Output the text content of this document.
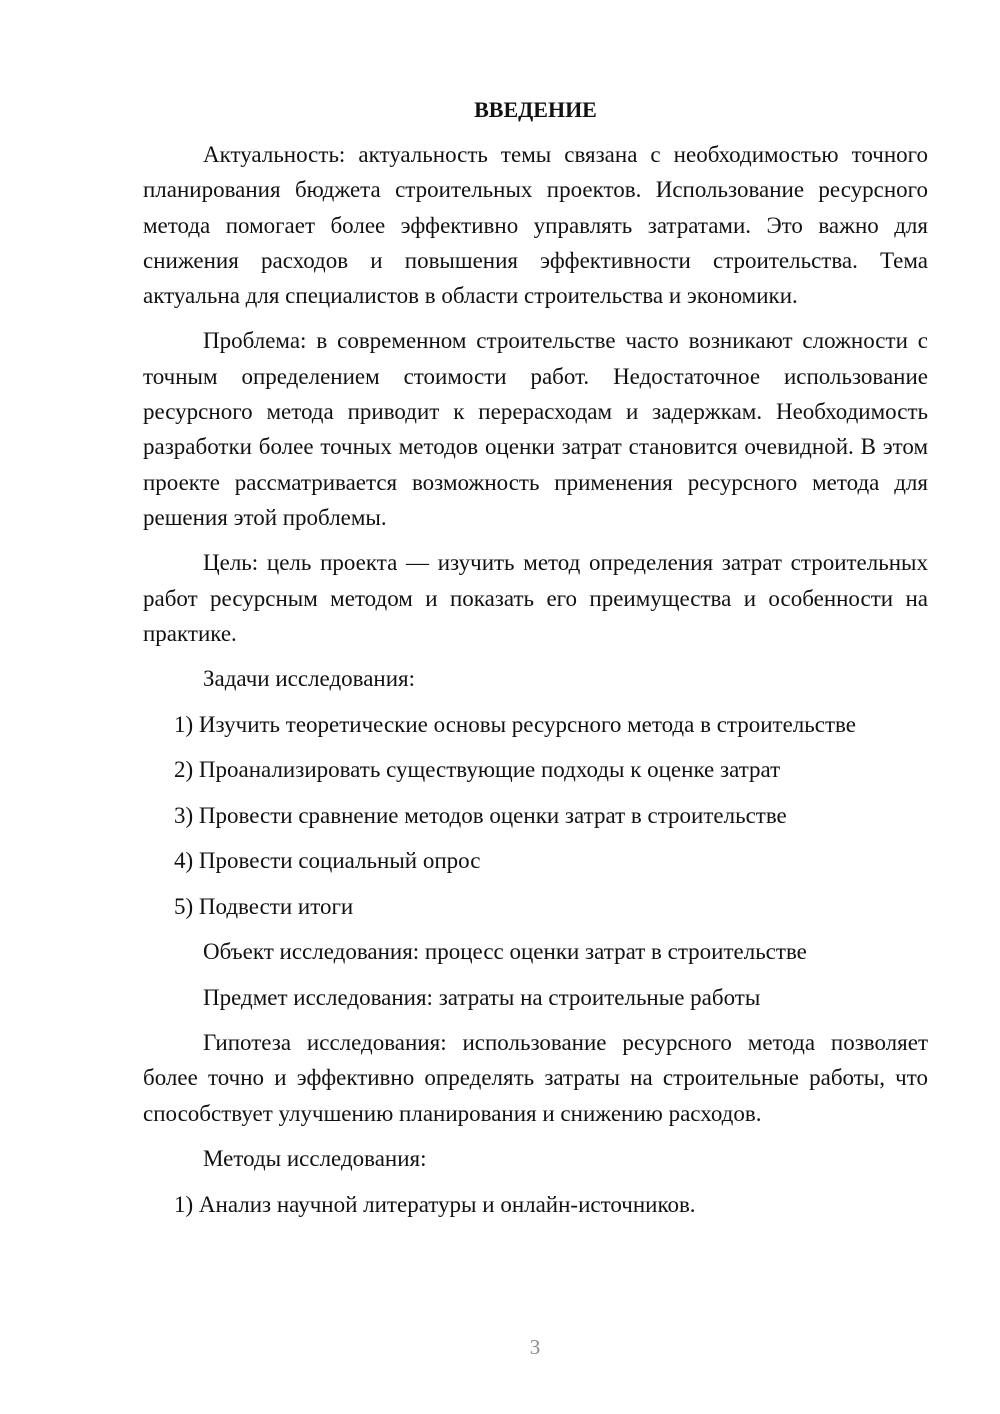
ВВЕДЕНИЕ

Актуальность: актуальность темы связана с необходимостью точного планирования бюджета строительных проектов. Использование ресурсного метода помогает более эффективно управлять затратами. Это важно для снижения расходов и повышения эффективности строительства. Тема актуальна для специалистов в области строительства и экономики.

Проблема: в современном строительстве часто возникают сложности с точным определением стоимости работ. Недостаточное использование ресурсного метода приводит к перерасходам и задержкам. Необходимость разработки более точных методов оценки затрат становится очевидной. В этом проекте рассматривается возможность применения ресурсного метода для решения этой проблемы.

Цель: цель проекта — изучить метод определения затрат строительных работ ресурсным методом и показать его преимущества и особенности на практике.

Задачи исследования:
1) Изучить теоретические основы ресурсного метода в строительстве
2) Проанализировать существующие подходы к оценке затрат
3) Провести сравнение методов оценки затрат в строительстве
4) Провести социальный опрос
5) Подвести итоги
Объект исследования: процесс оценки затрат в строительстве
Предмет исследования: затраты на строительные работы

Гипотеза исследования: использование ресурсного метода позволяет более точно и эффективно определять затраты на строительные работы, что способствует улучшению планирования и снижению расходов.

Методы исследования:
1) Анализ научной литературы и онлайн-источников.
3
